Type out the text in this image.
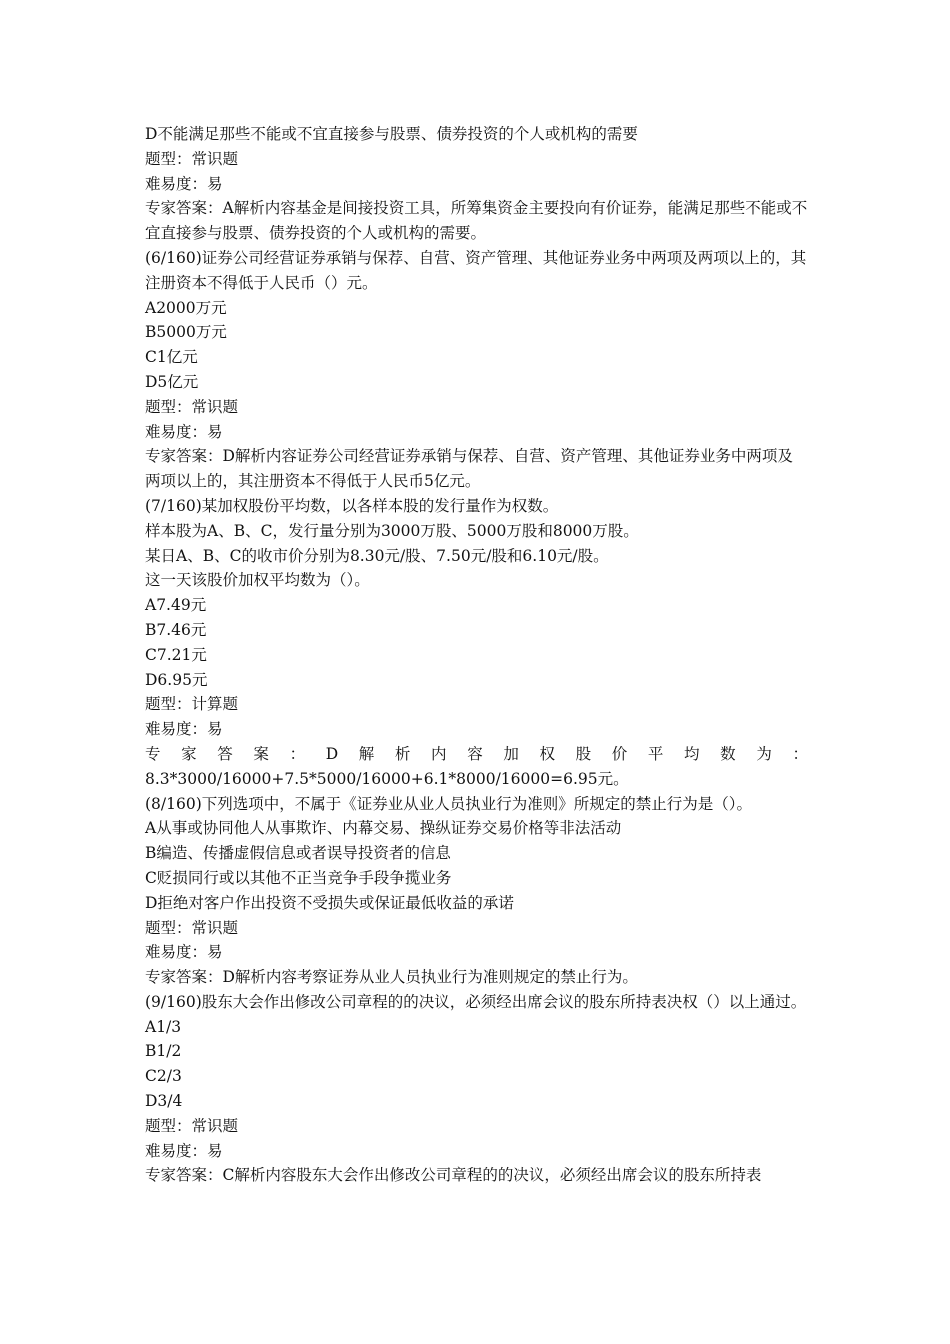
D不能满足那些不能或不宜直接参与股票、债券投资的个人或机构的需要
题型：常识题
难易度：易
专家答案：A解析内容基金是间接投资工具，所筹集资金主要投向有价证券，能满足那些不能或不宜直接参与股票、债券投资的个人或机构的需要。
(6/160)证券公司经营证券承销与保荐、自营、资产管理、其他证券业务中两项及两项以上的，其注册资本不得低于人民币（）元。
A2000万元
B5000万元
C1亿元
D5亿元
题型：常识题
难易度：易
专家答案：D解析内容证券公司经营证券承销与保荐、自营、资产管理、其他证券业务中两项及两项以上的，其注册资本不得低于人民币5亿元。
(7/160)某加权股份平均数，以各样本股的发行量作为权数。
样本股为A、B、C，发行量分别为3000万股、5000万股和8000万股。
某日A、B、C的收市价分别为8.30元/股、7.50元/股和6.10元/股。
这一天该股价加权平均数为（）。
A7.49元
B7.46元
C7.21元
D6.95元
题型：计算题
难易度：易
专 家 答 案 ： D 解 析 内 容 加 权 股 价 平 均 数 为 ：
8.3*3000/16000+7.5*5000/16000+6.1*8000/16000=6.95元。
(8/160)下列选项中，不属于《证券业从业人员执业行为准则》所规定的禁止行为是（）。
A从事或协同他人从事欺诈、内幕交易、操纵证券交易价格等非法活动
B编造、传播虚假信息或者误导投资者的信息
C贬损同行或以其他不正当竞争手段争揽业务
D拒绝对客户作出投资不受损失或保证最低收益的承诺
题型：常识题
难易度：易
专家答案：D解析内容考察证券从业人员执业行为准则规定的禁止行为。
(9/160)股东大会作出修改公司章程的的决议，必须经出席会议的股东所持表决权（）以上通过。
A1/3
B1/2
C2/3
D3/4
题型：常识题
难易度：易
专家答案：C解析内容股东大会作出修改公司章程的的决议，必须经出席会议的股东所持表
